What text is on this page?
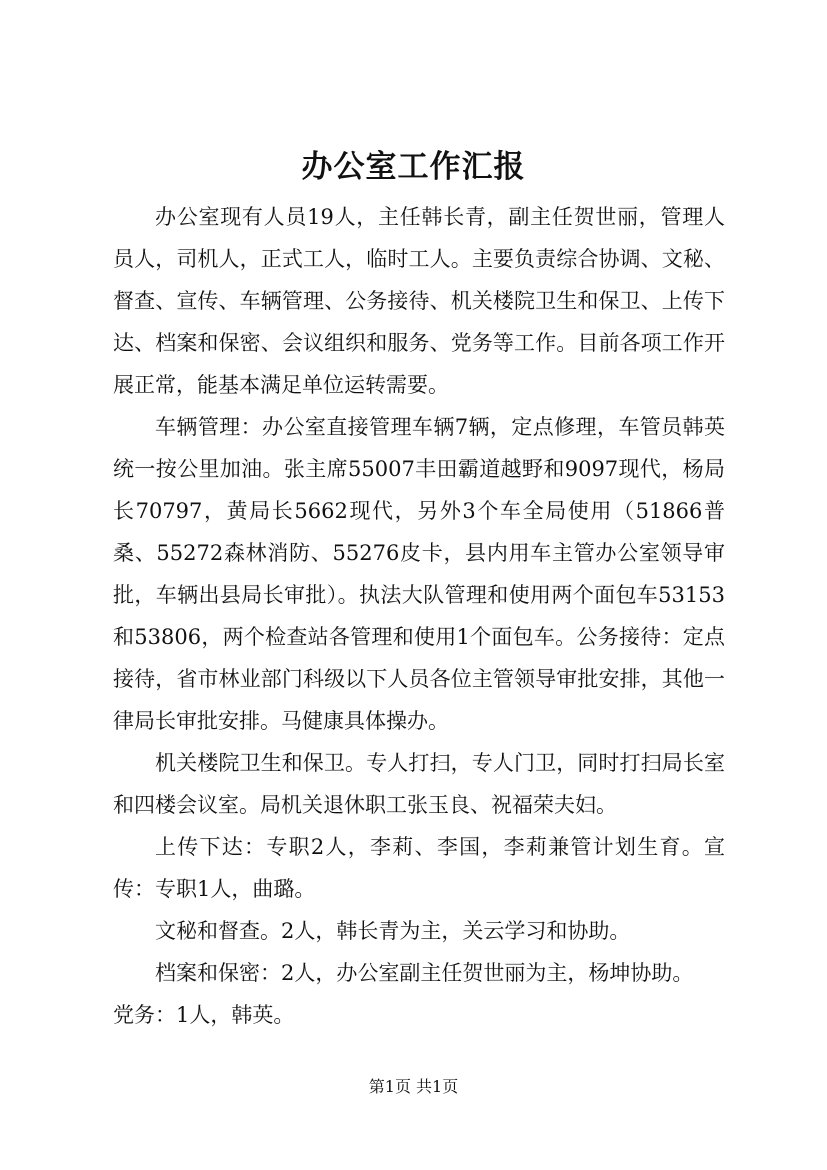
办公室工作汇报

办公室现有人员19人，主任韩长青，副主任贺世丽，管理人员人，司机人，正式工人，临时工人。主要负责综合协调、文秘、督查、宣传、车辆管理、公务接待、机关楼院卫生和保卫、上传下达、档案和保密、会议组织和服务、党务等工作。目前各项工作开展正常，能基本满足单位运转需要。

车辆管理：办公室直接管理车辆7辆，定点修理，车管员韩英统一按公里加油。张主席55007丰田霸道越野和9097现代，杨局长70797，黄局长5662现代，另外3个车全局使用（51866普桑、55272森林消防、55276皮卡，县内用车主管办公室领导审批，车辆出县局长审批）。执法大队管理和使用两个面包车53153和53806，两个检查站各管理和使用1个面包车。公务接待：定点接待，省市林业部门科级以下人员各位主管领导审批安排，其他一律局长审批安排。马健康具体操办。

机关楼院卫生和保卫。专人打扫，专人门卫，同时打扫局长室和四楼会议室。局机关退休职工张玉良、祝福荣夫妇。

上传下达：专职2人，李莉、李国，李莉兼管计划生育。宣传：专职1人，曲璐。

文秘和督查。2人，韩长青为主，关云学习和协助。

档案和保密：2人，办公室副主任贺世丽为主，杨坤协助。

党务：1人，韩英。

第1页 共1页
